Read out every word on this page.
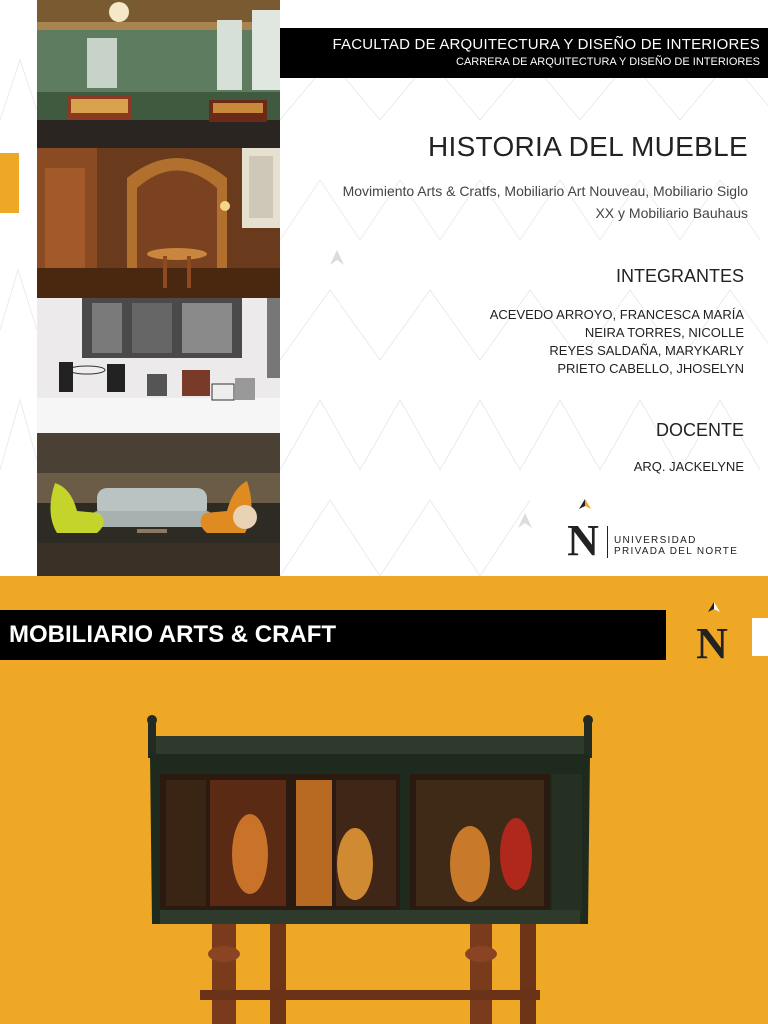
FACULTAD DE ARQUITECTURA Y DISEÑO DE INTERIORES
CARRERA DE ARQUITECTURA Y DISEÑO DE INTERIORES
HISTORIA DEL MUEBLE
Movimiento Arts & Cratfs, Mobiliario Art Nouveau, Mobiliario Siglo XX y Mobiliario Bauhaus
INTEGRANTES
ACEVEDO ARROYO, FRANCESCA MARÍA
NEIRA TORRES, NICOLLE
REYES SALDAÑA, MARYKARLY
PRIETO CABELLO, JHOSELYN
DOCENTE
ARQ. JACKELYNE
N UNIVERSIDAD
PRIVADA DEL NORTE
MOBILIARIO ARTS & CRAFT	N
